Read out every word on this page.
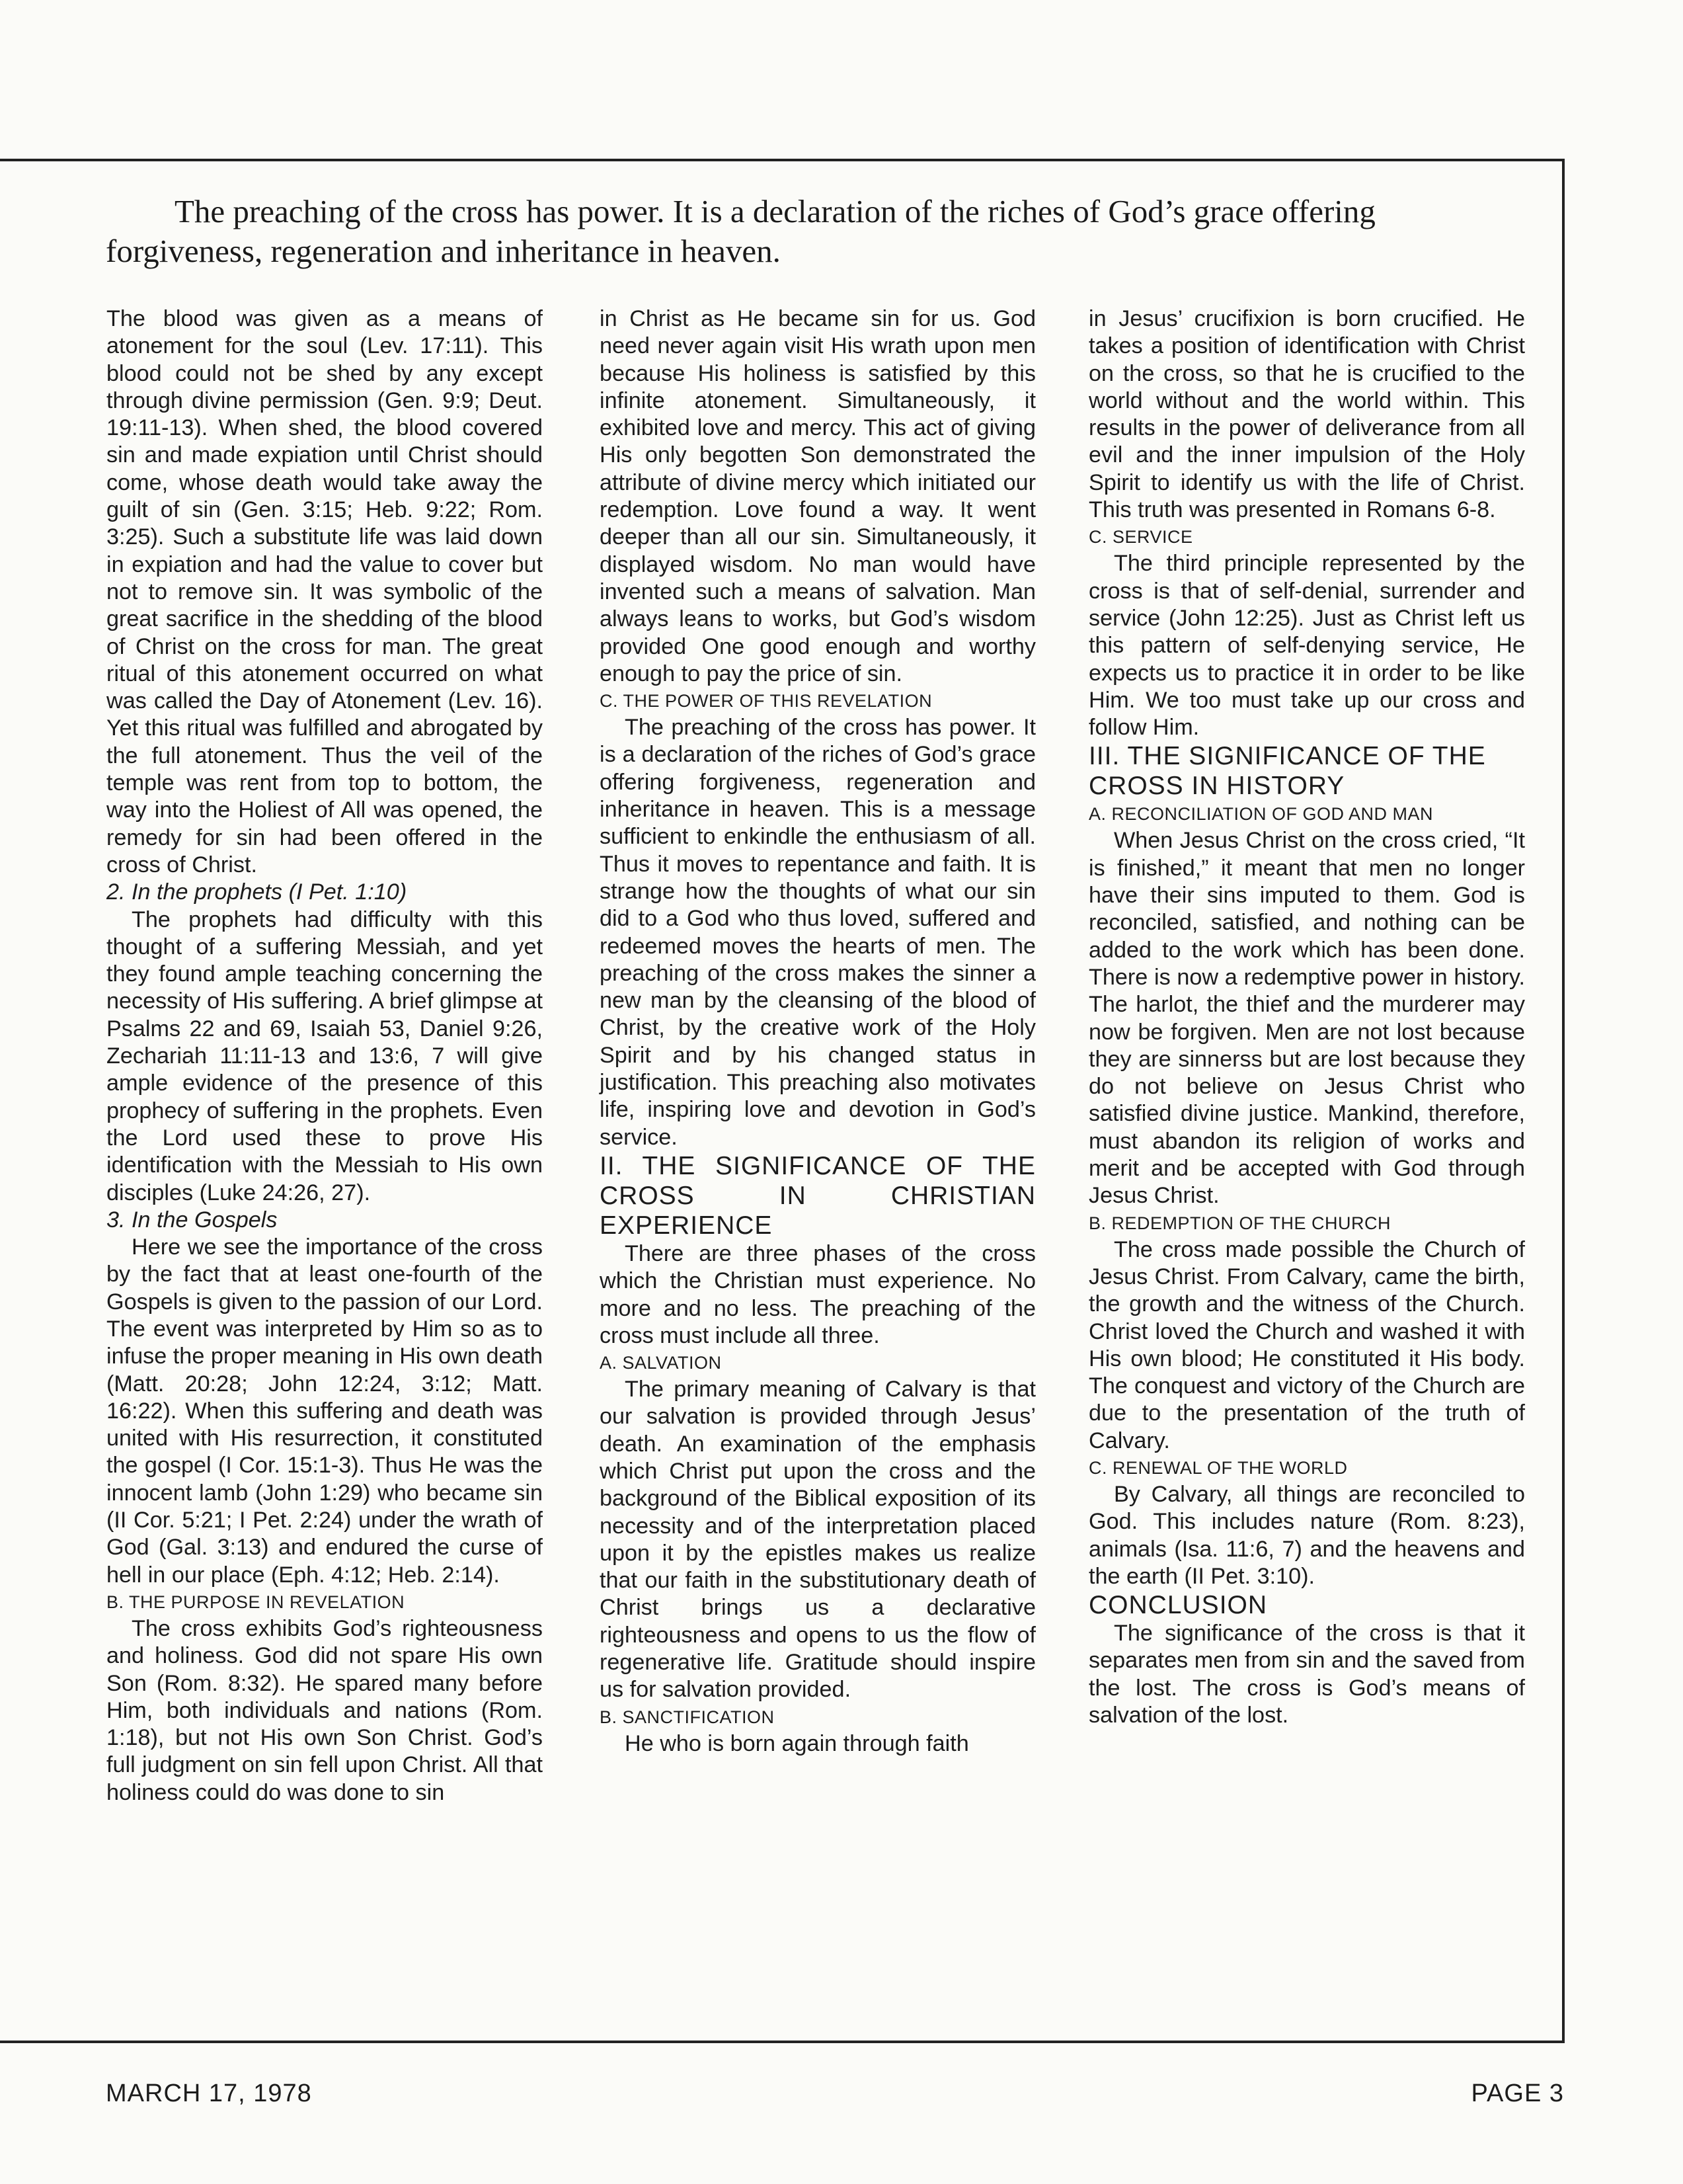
The preaching of the cross has power. It is a declaration of the riches of God’s grace offering forgiveness, regeneration and inheritance in heaven.

The blood was given as a means of atonement for the soul (Lev. 17:11). This blood could not be shed by any except through divine permission (Gen. 9:9; Deut. 19:11-13). When shed, the blood covered sin and made expiation until Christ should come, whose death would take away the guilt of sin (Gen. 3:15; Heb. 9:22; Rom. 3:25). Such a substitute life was laid down in expiation and had the value to cover but not to remove sin. It was symbolic of the great sacrifice in the shedding of the blood of Christ on the cross for man. The great ritual of this atonement occurred on what was called the Day of Atonement (Lev. 16). Yet this ritual was fulfilled and abrogated by the full atonement. Thus the veil of the temple was rent from top to bottom, the way into the Holiest of All was opened, the remedy for sin had been offered in the cross of Christ.

2. In the prophets (I Pet. 1:10)

The prophets had difficulty with this thought of a suffering Messiah, and yet they found ample teaching concerning the necessity of His suffering. A brief glimpse at Psalms 22 and 69, Isaiah 53, Daniel 9:26, Zechariah 11:11-13 and 13:6, 7 will give ample evidence of the presence of this prophecy of suffering in the prophets. Even the Lord used these to prove His identification with the Messiah to His own disciples (Luke 24:26, 27).

3. In the Gospels

Here we see the importance of the cross by the fact that at least one-fourth of the Gospels is given to the passion of our Lord. The event was interpreted by Him so as to infuse the proper meaning in His own death (Matt. 20:28; John 12:24, 3:12; Matt. 16:22). When this suffering and death was united with His resurrection, it constituted the gospel (I Cor. 15:1-3). Thus He was the innocent lamb (John 1:29) who became sin (II Cor. 5:21; I Pet. 2:24) under the wrath of God (Gal. 3:13) and endured the curse of hell in our place (Eph. 4:12; Heb. 2:14).

B. THE PURPOSE IN REVELATION

The cross exhibits God’s righteousness and holiness. God did not spare His own Son (Rom. 8:32). He spared many before Him, both individuals and nations (Rom. 1:18), but not His own Son Christ. God’s full judgment on sin fell upon Christ. All that holiness could do was done to sin

in Christ as He became sin for us. God need never again visit His wrath upon men because His holiness is satisfied by this infinite atonement. Simultaneously, it exhibited love and mercy. This act of giving His only begotten Son demonstrated the attribute of divine mercy which initiated our redemption. Love found a way. It went deeper than all our sin. Simultaneously, it displayed wisdom. No man would have invented such a means of salvation. Man always leans to works, but God’s wisdom provided One good enough and worthy enough to pay the price of sin.

C. THE POWER OF THIS REVELATION

The preaching of the cross has power. It is a declaration of the riches of God’s grace offering forgiveness, regeneration and inheritance in heaven. This is a message sufficient to enkindle the enthusiasm of all. Thus it moves to repentance and faith. It is strange how the thoughts of what our sin did to a God who thus loved, suffered and redeemed moves the hearts of men. The preaching of the cross makes the sinner a new man by the cleansing of the blood of Christ, by the creative work of the Holy Spirit and by his changed status in justification. This preaching also motivates life, inspiring love and devotion in God’s service.

II. THE SIGNIFICANCE OF THE CROSS IN CHRISTIAN EXPERIENCE

There are three phases of the cross which the Christian must experience. No more and no less. The preaching of the cross must include all three.

A. SALVATION

The primary meaning of Calvary is that our salvation is provided through Jesus’ death. An examination of the emphasis which Christ put upon the cross and the background of the Biblical exposition of its necessity and of the interpretation placed upon it by the epistles makes us realize that our faith in the substitutionary death of Christ brings us a declarative righteousness and opens to us the flow of regenerative life. Gratitude should inspire us for salvation provided.

B. SANCTIFICATION

He who is born again through faith

in Jesus’ crucifixion is born crucified. He takes a position of identification with Christ on the cross, so that he is crucified to the world without and the world within. This results in the power of deliverance from all evil and the inner impulsion of the Holy Spirit to identify us with the life of Christ. This truth was presented in Romans 6-8.

C. SERVICE

The third principle represented by the cross is that of self-denial, surrender and service (John 12:25). Just as Christ left us this pattern of self-denying service, He expects us to practice it in order to be like Him. We too must take up our cross and follow Him.

III. THE SIGNIFICANCE OF THE CROSS IN HISTORY

A. RECONCILIATION OF GOD AND MAN

When Jesus Christ on the cross cried, “It is finished,” it meant that men no longer have their sins imputed to them. God is reconciled, satisfied, and nothing can be added to the work which has been done. There is now a redemptive power in history. The harlot, the thief and the murderer may now be forgiven. Men are not lost because they are sinnerss but are lost because they do not believe on Jesus Christ who satisfied divine justice. Mankind, therefore, must abandon its religion of works and merit and be accepted with God through Jesus Christ.

B. REDEMPTION OF THE CHURCH

The cross made possible the Church of Jesus Christ. From Calvary, came the birth, the growth and the witness of the Church. Christ loved the Church and washed it with His own blood; He constituted it His body. The conquest and victory of the Church are due to the presentation of the truth of Calvary.

C. RENEWAL OF THE WORLD

By Calvary, all things are reconciled to God. This includes nature (Rom. 8:23), animals (Isa. 11:6, 7) and the heavens and the earth (II Pet. 3:10).

CONCLUSION

The significance of the cross is that it separates men from sin and the saved from the lost. The cross is God’s means of salvation of the lost.

MARCH 17, 1978	PAGE 3
